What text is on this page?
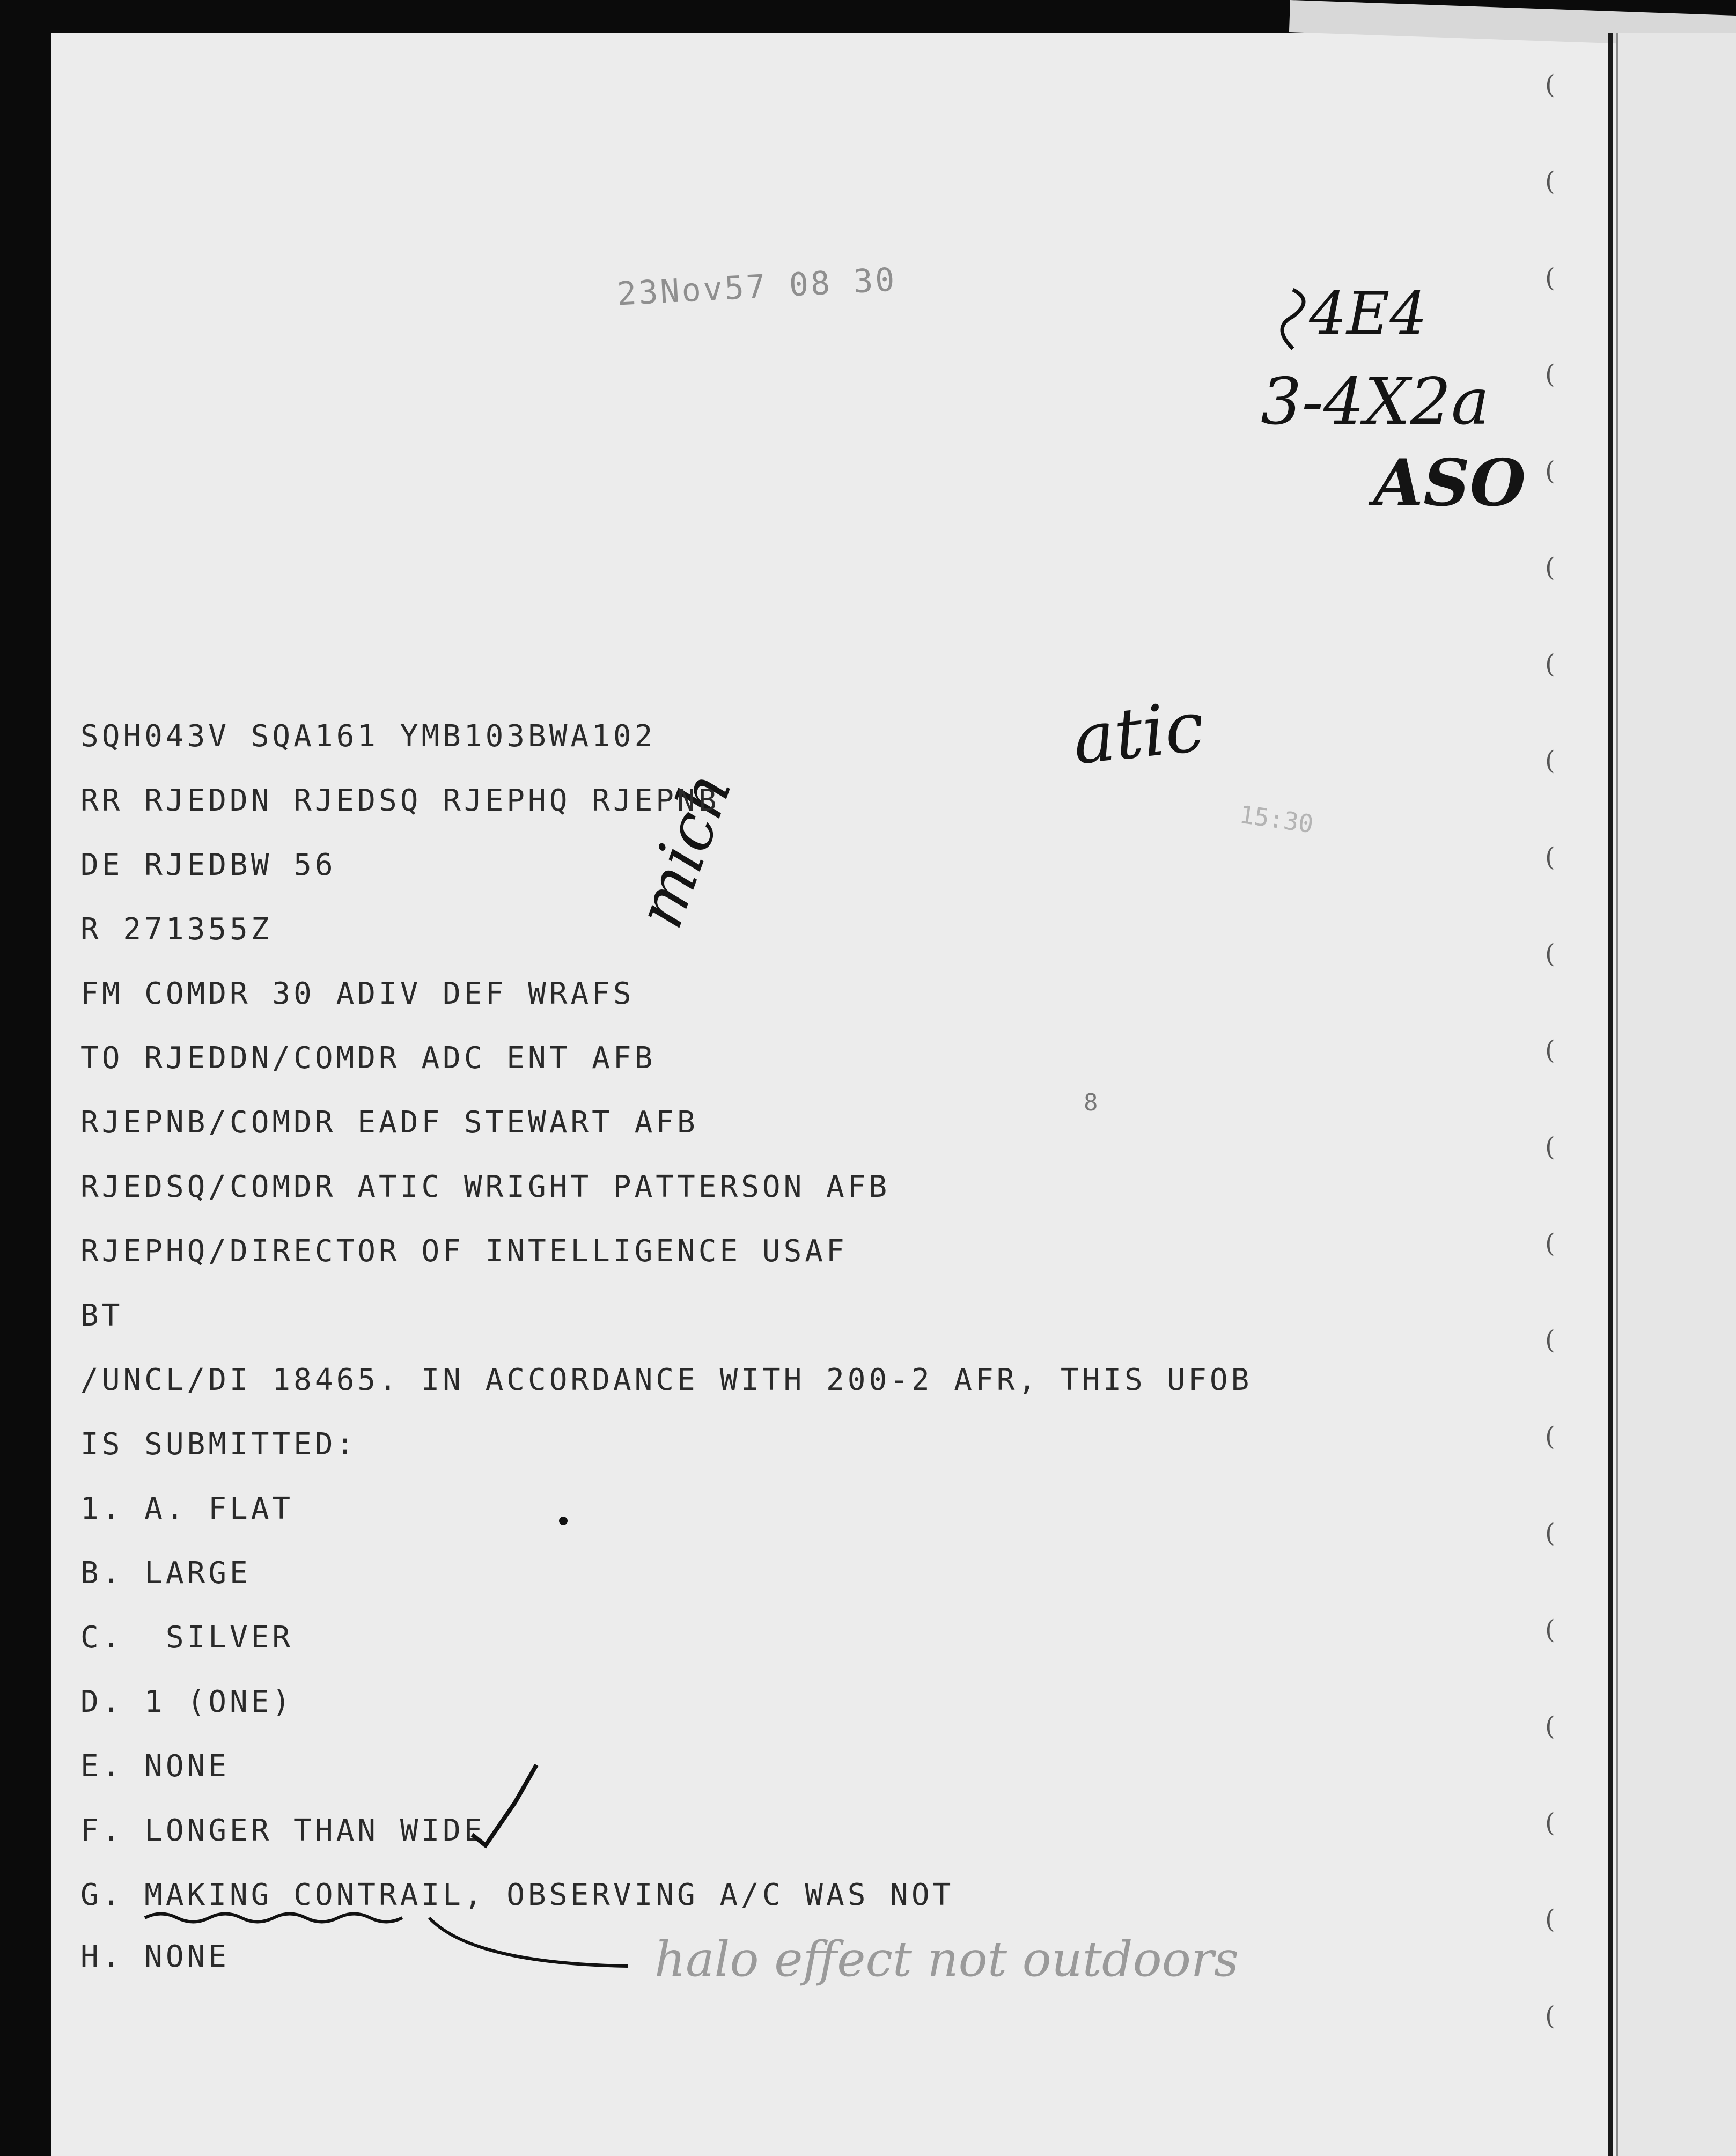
(
(
(
(
(
(
(
(
(
(
(
(
(
(
(
(
(
(
(
(
(
23Nov57 08 30
15:30
4E4
3-4X2a
ASO
atic
mich
halo effect not outdoors
8
SQH043V SQA161 YMB103BWA102
RR RJEDDN RJEDSQ RJEPHQ RJEPNB
DE RJEDBW 56
R 271355Z
FM COMDR 30 ADIV DEF WRAFS
TO RJEDDN/COMDR ADC ENT AFB
RJEPNB/COMDR EADF STEWART AFB
RJEDSQ/COMDR ATIC WRIGHT PATTERSON AFB
RJEPHQ/DIRECTOR OF INTELLIGENCE USAF
BT
/UNCL/DI 18465. IN ACCORDANCE WITH 200-2 AFR, THIS UFOB
IS SUBMITTED:
1. A. FLAT
B. LARGE
C.  SILVER
D. 1 (ONE)
E. NONE
F. LONGER THAN WIDE
G. MAKING CONTRAIL, OBSERVING A/C WAS NOT
H. NONE
